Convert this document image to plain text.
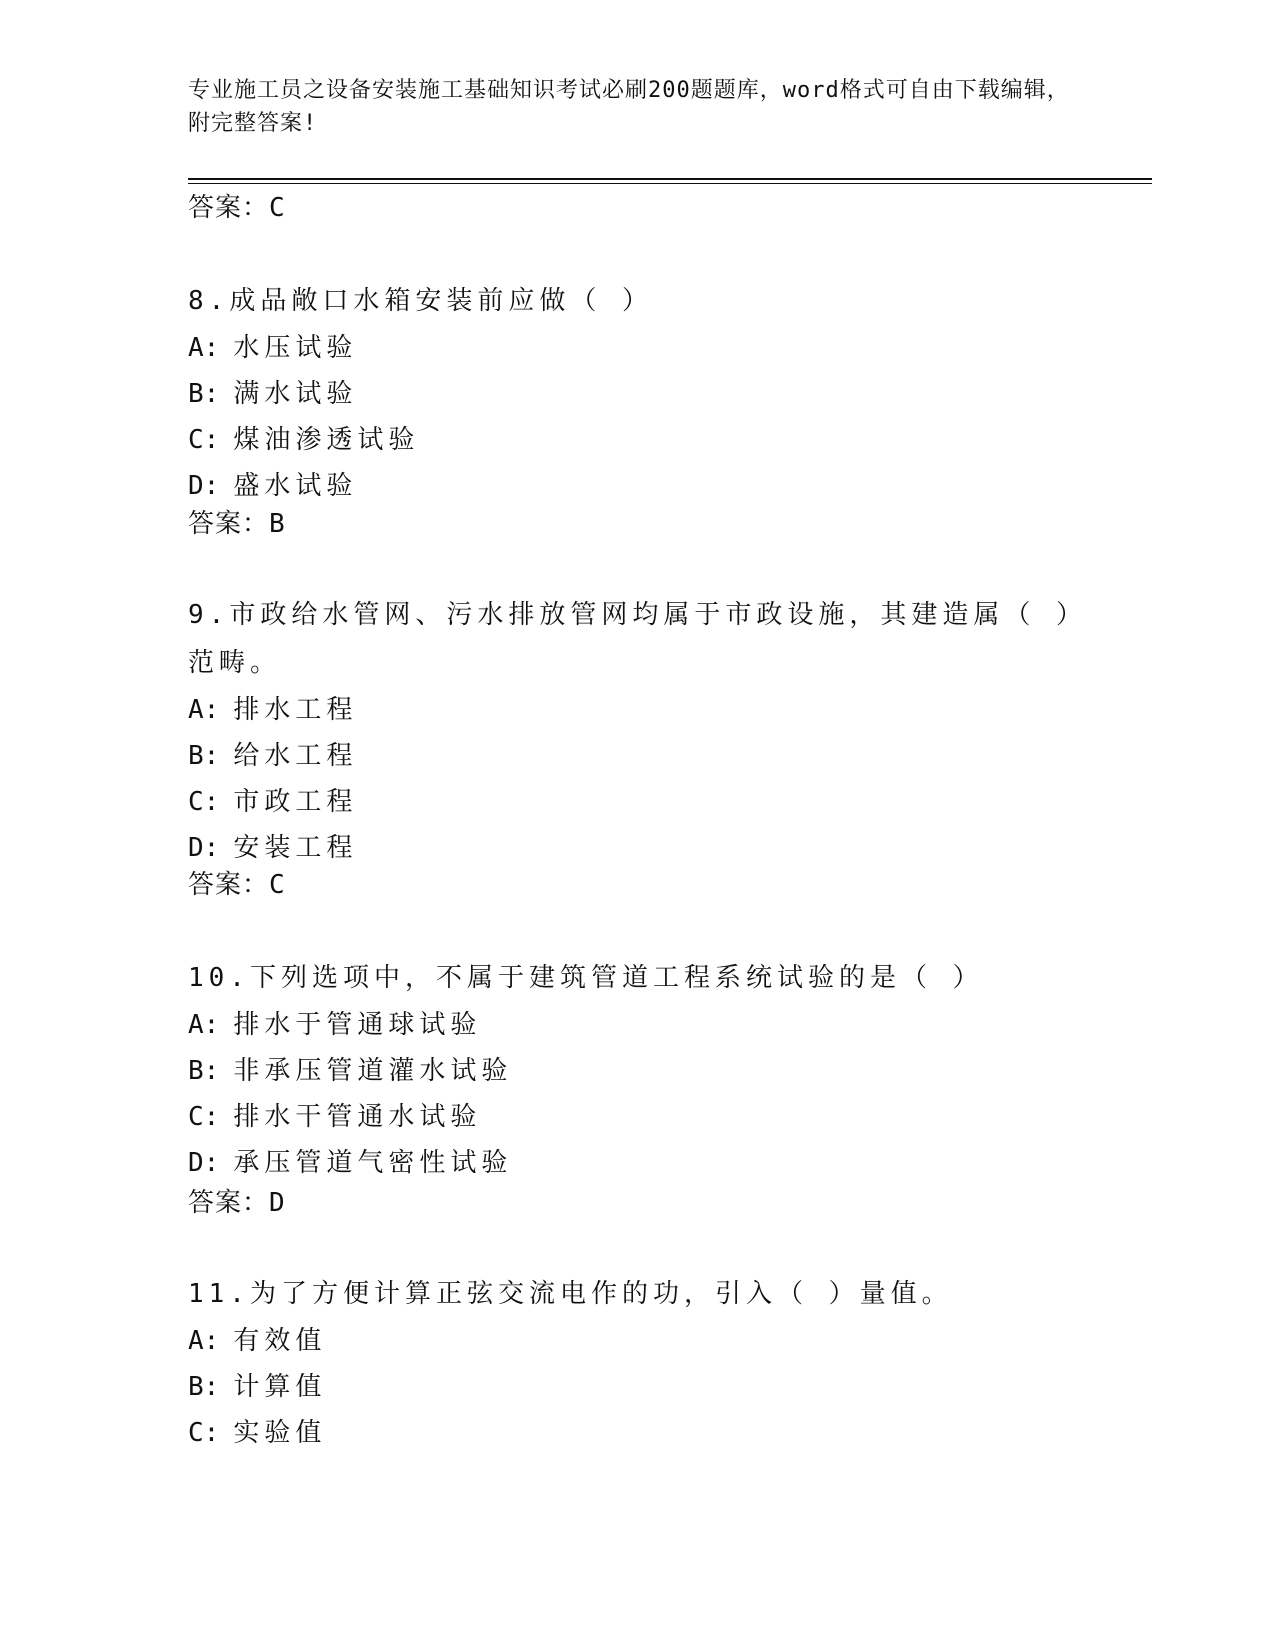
专业施工员之设备安装施工基础知识考试必刷200题题库，word格式可自由下载编辑，附完整答案!
答案：C
8.成品敞口水箱安装前应做（ ）
A: 水压试验
B: 满水试验
C: 煤油渗透试验
D: 盛水试验
答案：B
9.市政给水管网、污水排放管网均属于市政设施，其建造属（ ）范畴。
A: 排水工程
B: 给水工程
C: 市政工程
D: 安装工程
答案：C
10.下列选项中，不属于建筑管道工程系统试验的是（ ）
A: 排水于管通球试验
B: 非承压管道灌水试验
C: 排水干管通水试验
D: 承压管道气密性试验
答案：D
11.为了方便计算正弦交流电作的功，引入（ ）量值。
A: 有效值
B: 计算值
C: 实验值
